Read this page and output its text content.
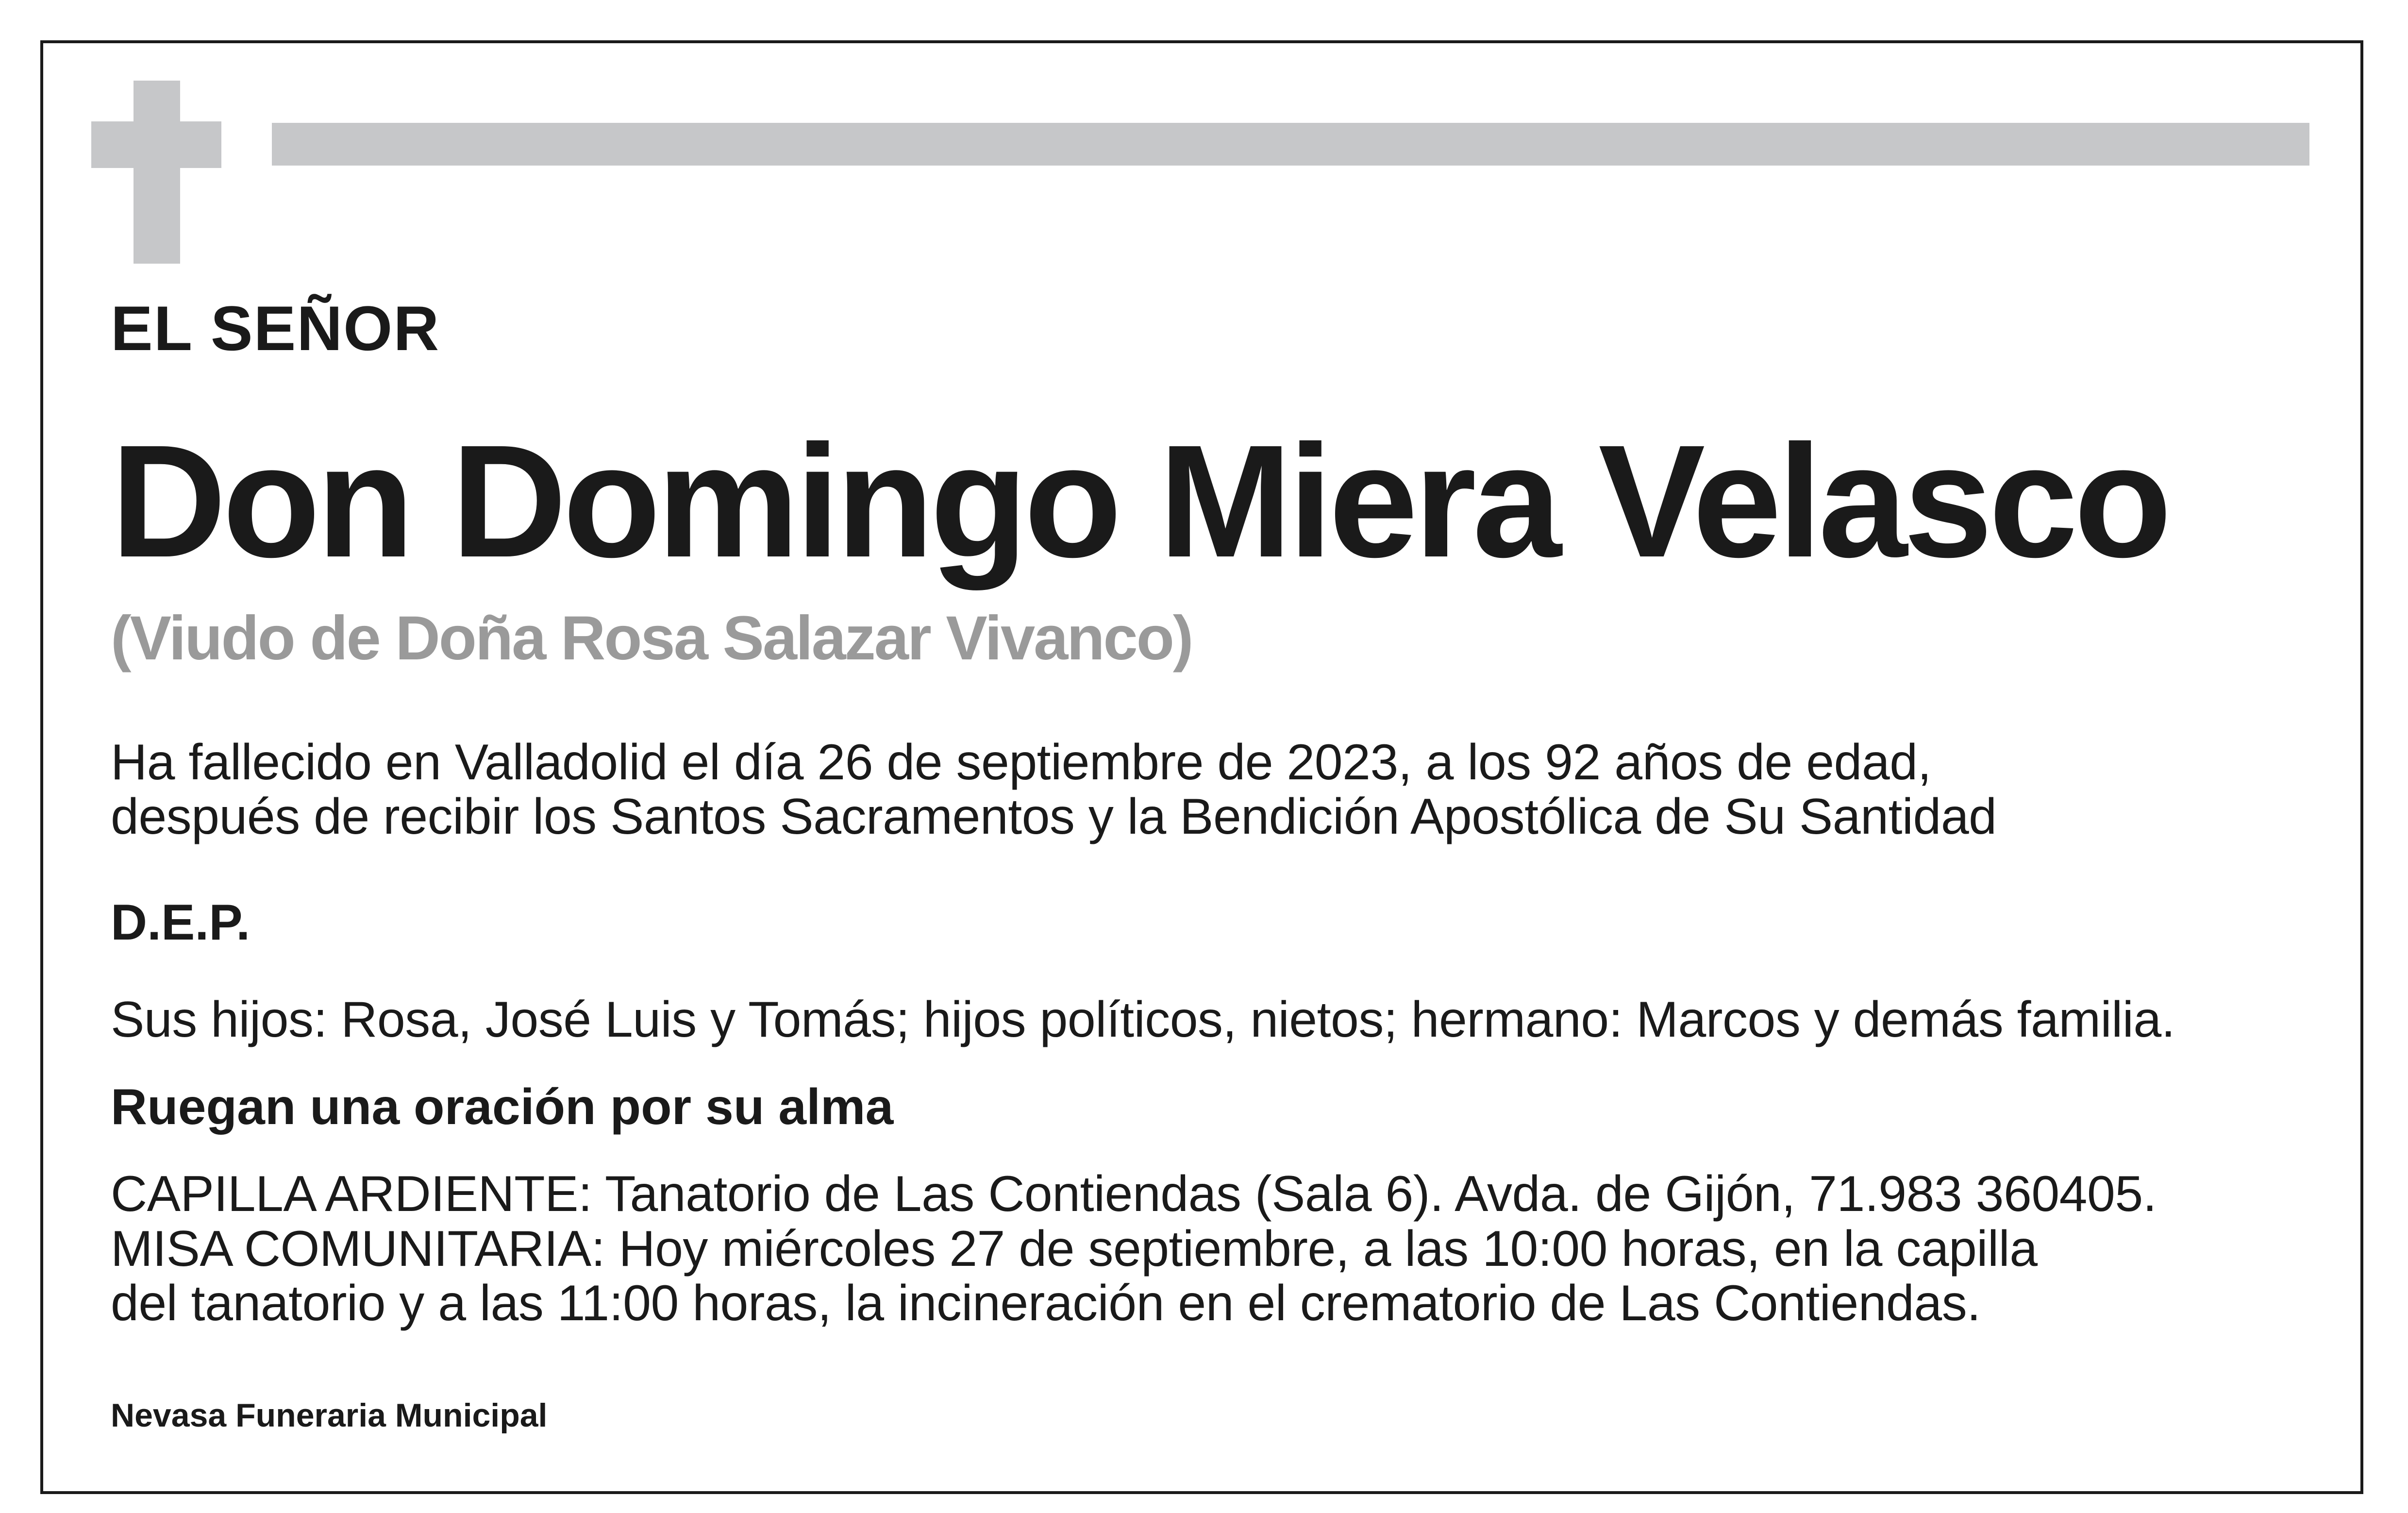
EL SEÑOR

Don Domingo Miera Velasco

(Viudo de Doña Rosa Salazar Vivanco)

Ha fallecido en Valladolid el día 26 de septiembre de 2023, a los 92 años de edad,

después de recibir los Santos Sacramentos y la Bendición Apostólica de Su Santidad

D.E.P.

Sus hijos: Rosa, José Luis y Tomás; hijos políticos, nietos; hermano: Marcos y demás familia.

Ruegan una oración por su alma

CAPILLA ARDIENTE: Tanatorio de Las Contiendas (Sala 6). Avda. de Gijón, 71.983 360405.

MISA COMUNITARIA: Hoy miércoles 27 de septiembre, a las 10:00 horas, en la capilla

del tanatorio y a las 11:00 horas, la incineración en el crematorio de Las Contiendas.

Nevasa Funeraria Municipal
